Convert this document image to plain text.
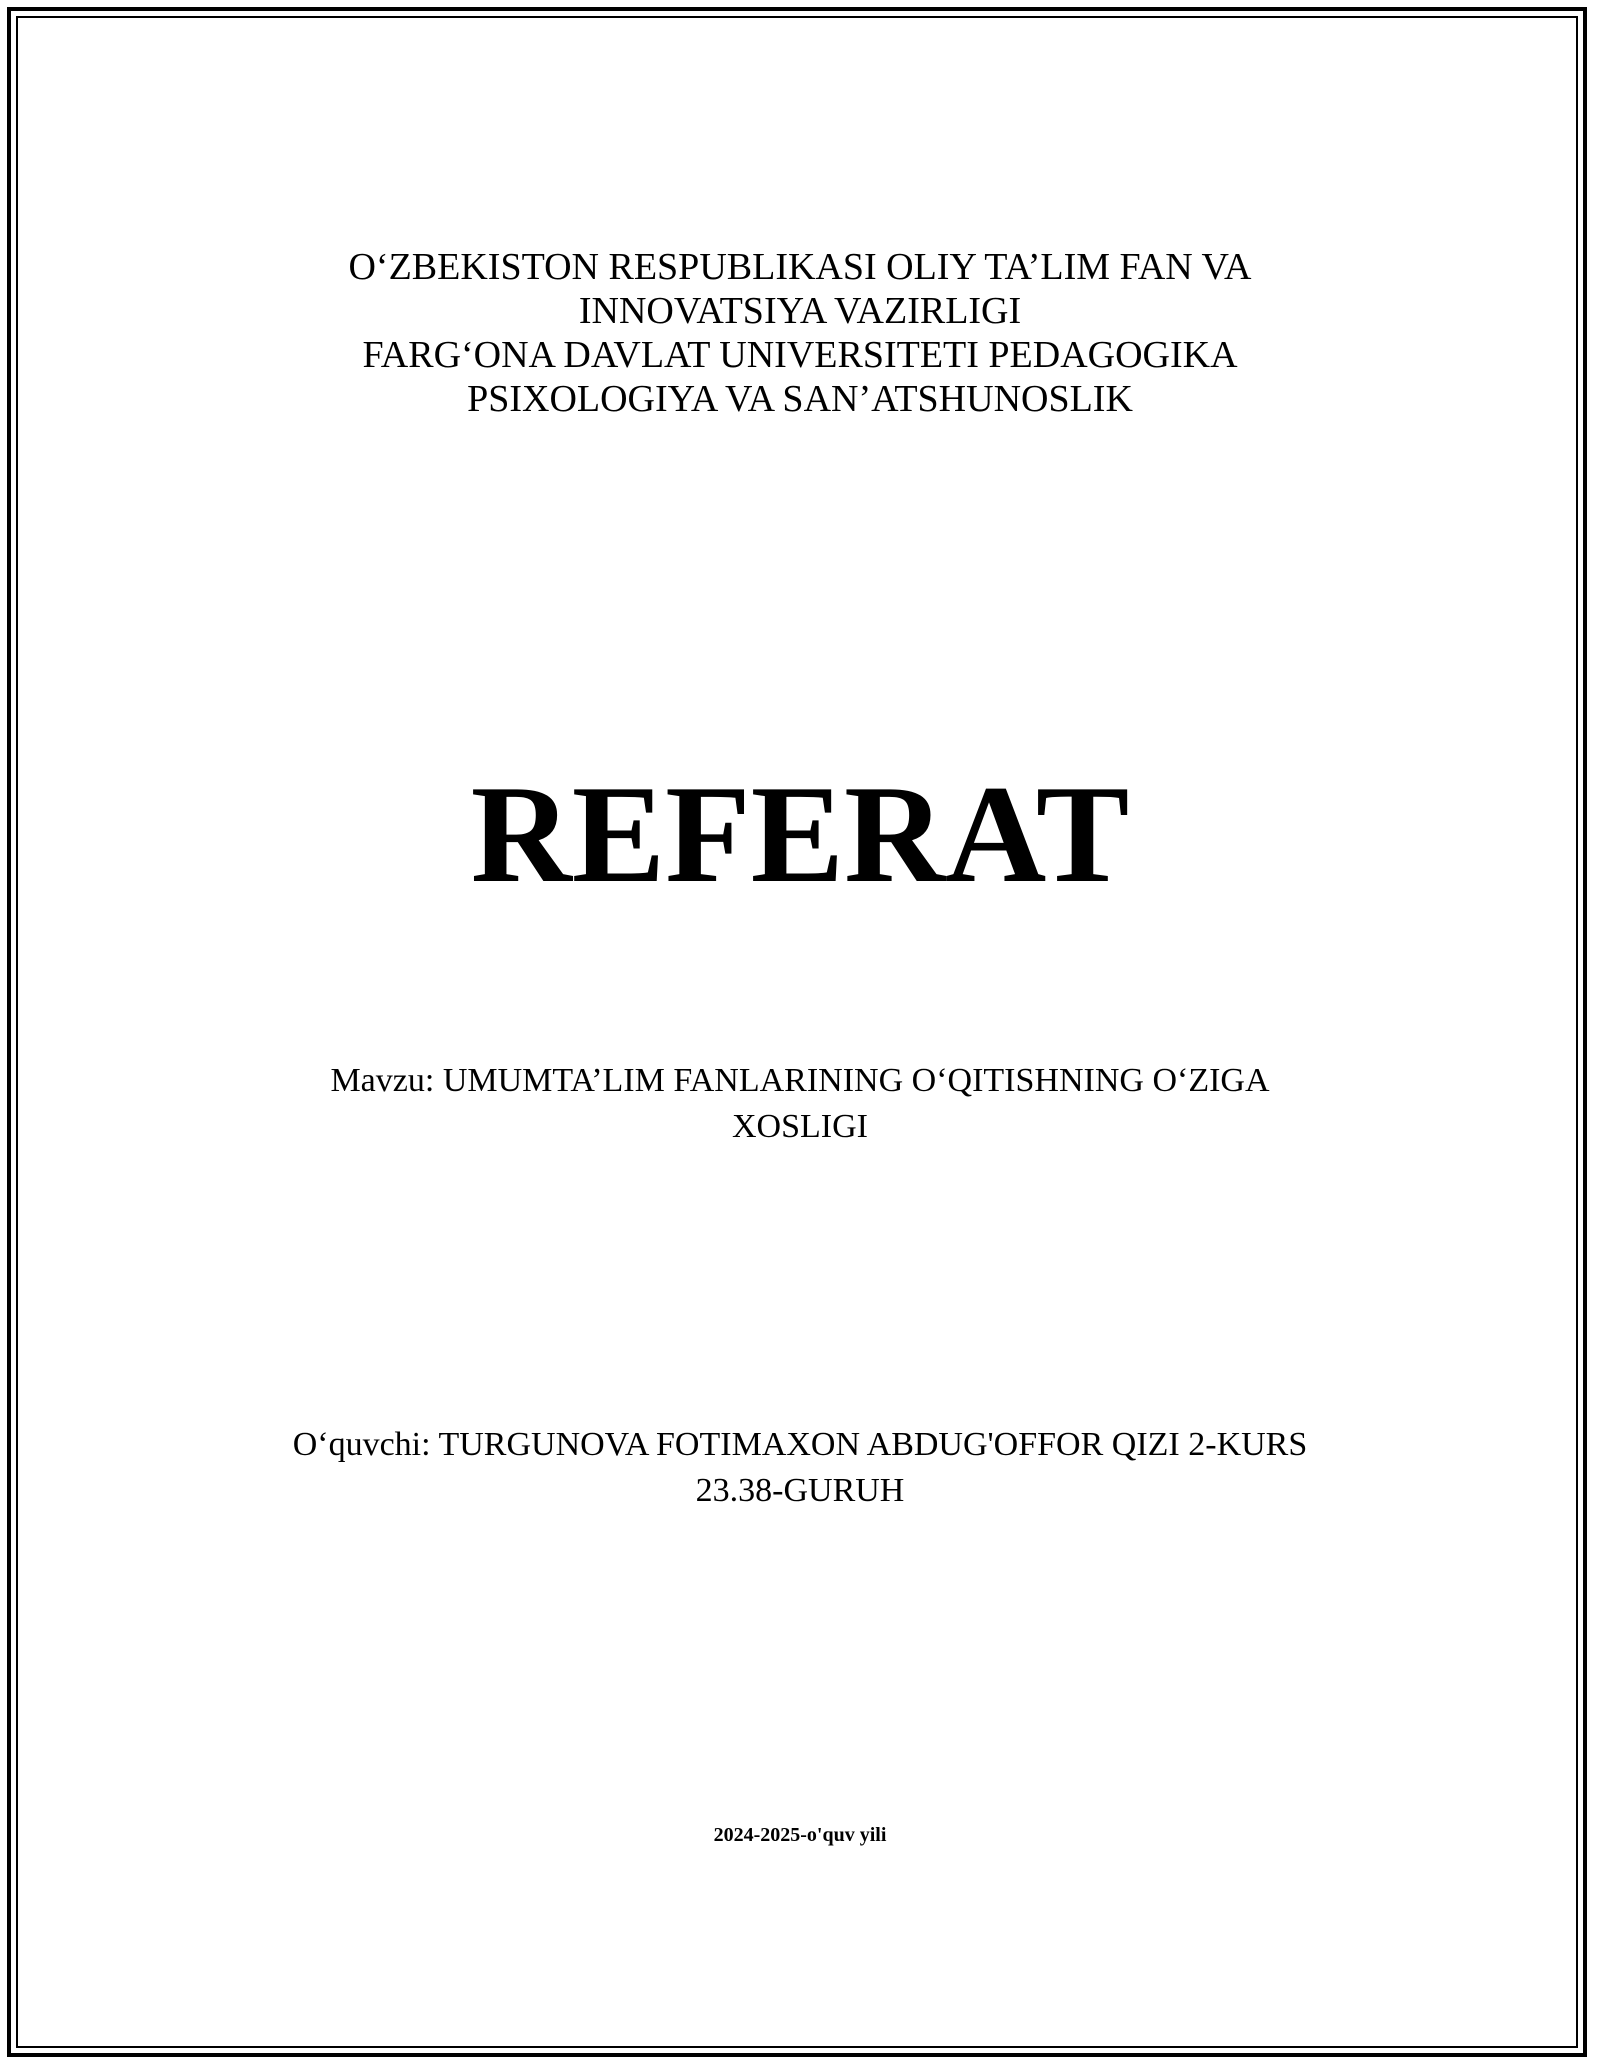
O‘ZBEKISTON RESPUBLIKASI OLIY TA’LIM FAN VA
INNOVATSIYA VAZIRLIGI
FARG‘ONA DAVLAT UNIVERSITETI PEDAGOGIKA
PSIXOLOGIYA VA SAN’ATSHUNOSLIK
REFERAT
Mavzu: UMUMTA’LIM FANLARINING O‘QITISHNING O‘ZIGA
XOSLIGI
O‘quvchi: TURGUNOVA FOTIMAXON ABDUG'OFFOR QIZI 2-KURS
23.38-GURUH
2024-2025-o'quv yili
